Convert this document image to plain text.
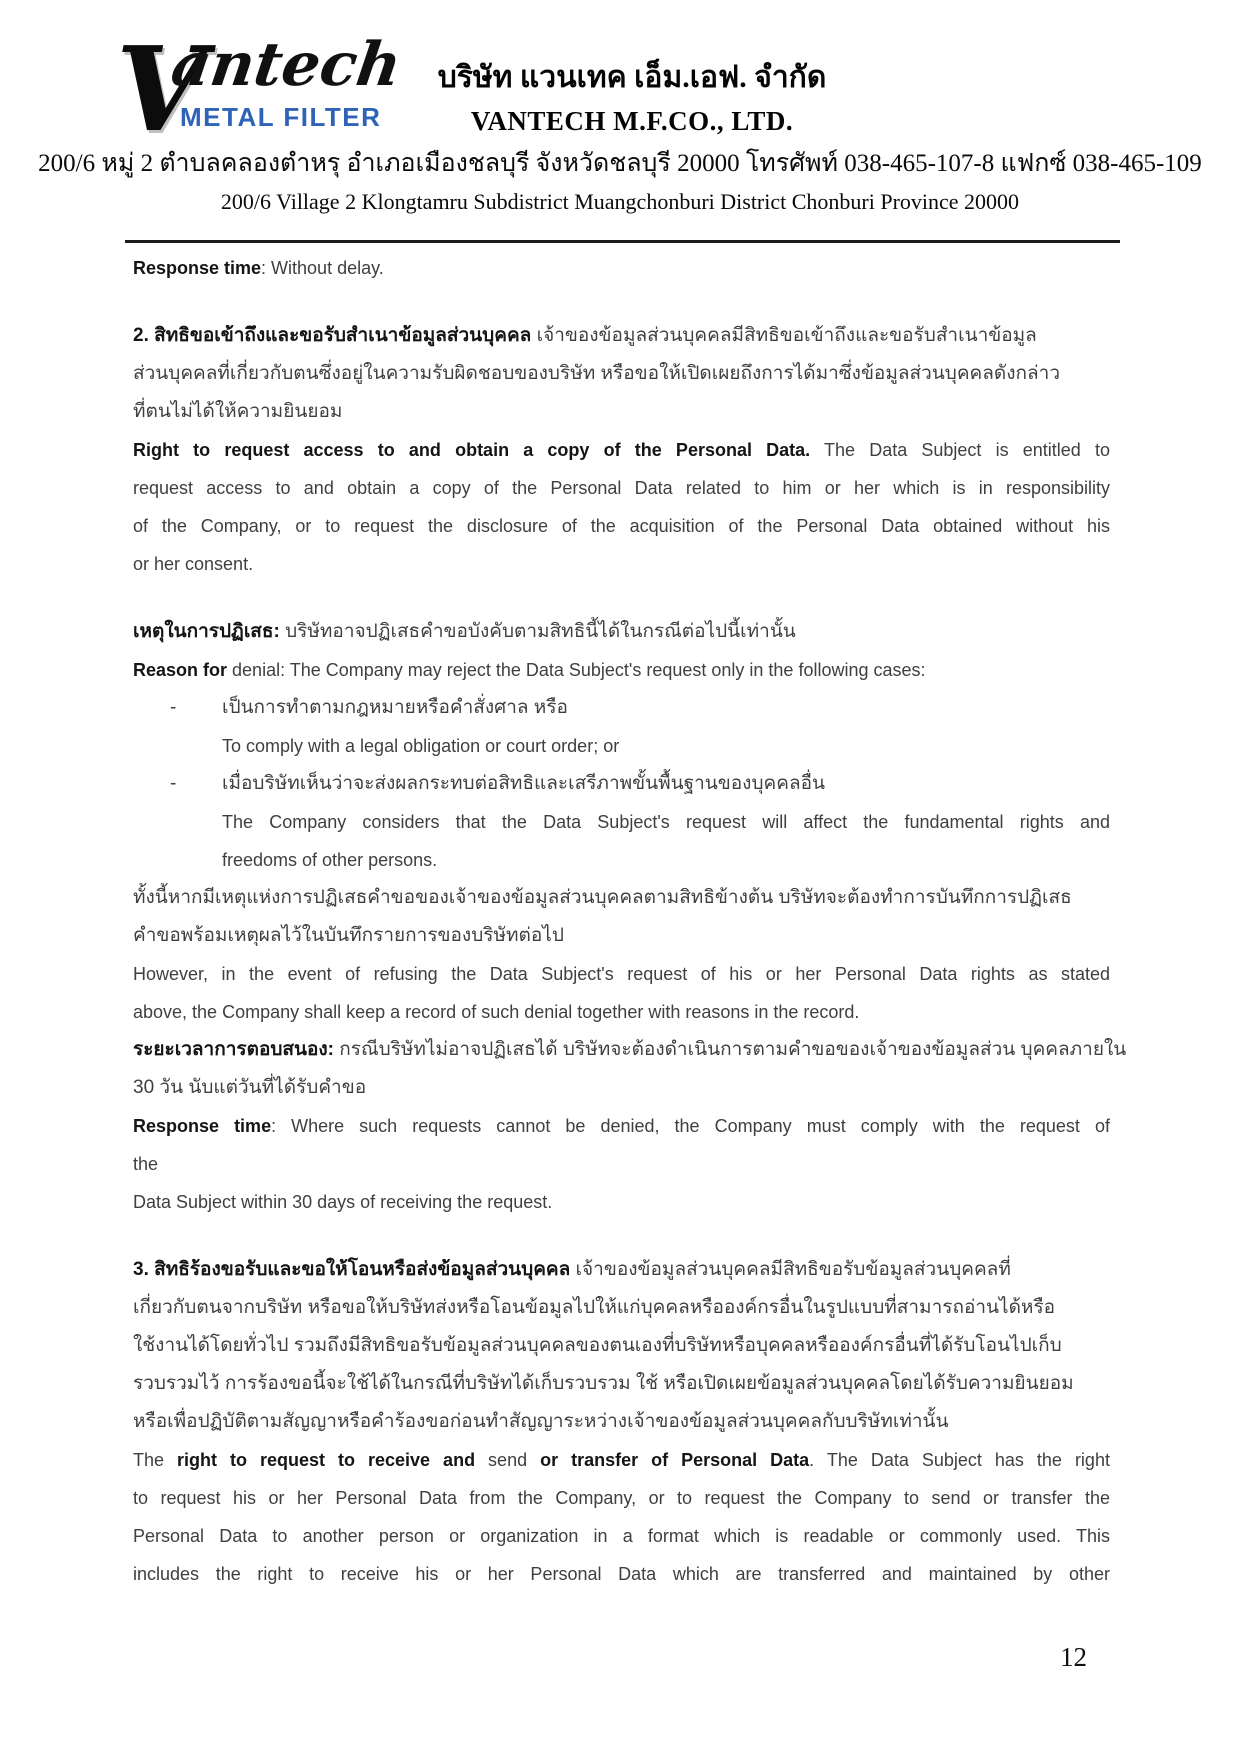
V
antech
METAL FILTER
บริษัท แวนเทค เอ็ม.เอฟ. จำกัด
VANTECH M.F.CO., LTD.
200/6 หมู่ 2 ตำบลคลองตำหรุ อำเภอเมืองชลบุรี จังหวัดชลบุรี 20000 โทรศัพท์ 038-465-107-8 แฟกซ์ 038-465-109
200/6 Village 2 Klongtamru Subdistrict Muangchonburi District Chonburi Province 20000
Response time: Without delay.
2. สิทธิขอเข้าถึงและขอรับสำเนาข้อมูลส่วนบุคคล เจ้าของข้อมูลส่วนบุคคลมีสิทธิขอเข้าถึงและขอรับสำเนาข้อมูล
ส่วนบุคคลที่เกี่ยวกับตนซึ่งอยู่ในความรับผิดชอบของบริษัท หรือขอให้เปิดเผยถึงการได้มาซึ่งข้อมูลส่วนบุคคลดังกล่าว
ที่ตนไม่ได้ให้ความยินยอม
Right to request access to and obtain a copy of the Personal Data. The Data Subject is entitled to
request access to and obtain a copy of the Personal Data related to him or her which is in responsibility
of the Company, or to request the disclosure of the acquisition of the Personal Data obtained without his
or her consent.
เหตุในการปฏิเสธ: บริษัทอาจปฏิเสธคำขอบังคับตามสิทธินี้ได้ในกรณีต่อไปนี้เท่านั้น
Reason for denial: The Company may reject the Data Subject's request only in the following cases:
- เป็นการทำตามกฎหมายหรือคำสั่งศาล หรือ
To comply with a legal obligation or court order; or
- เมื่อบริษัทเห็นว่าจะส่งผลกระทบต่อสิทธิและเสรีภาพขั้นพื้นฐานของบุคคลอื่น
The Company considers that the Data Subject's request will affect the fundamental rights and
freedoms of other persons.
ทั้งนี้หากมีเหตุแห่งการปฏิเสธคำขอของเจ้าของข้อมูลส่วนบุคคลตามสิทธิข้างต้น บริษัทจะต้องทำการบันทึกการปฏิเสธ
คำขอพร้อมเหตุผลไว้ในบันทึกรายการของบริษัทต่อไป
However, in the event of refusing the Data Subject's request of his or her Personal Data rights as stated
above, the Company shall keep a record of such denial together with reasons in the record.
ระยะเวลาการตอบสนอง: กรณีบริษัทไม่อาจปฏิเสธได้ บริษัทจะต้องดำเนินการตามคำขอของเจ้าของข้อมูลส่วน บุคคลภายใน
30 วัน นับแต่วันที่ได้รับคำขอ
Response time: Where such requests cannot be denied, the Company must comply with the request of
the
Data Subject within 30 days of receiving the request.
3. สิทธิร้องขอรับและขอให้โอนหรือส่งข้อมูลส่วนบุคคล เจ้าของข้อมูลส่วนบุคคลมีสิทธิขอรับข้อมูลส่วนบุคคลที่
เกี่ยวกับตนจากบริษัท หรือขอให้บริษัทส่งหรือโอนข้อมูลไปให้แก่บุคคลหรือองค์กรอื่นในรูปแบบที่สามารถอ่านได้หรือ
ใช้งานได้โดยทั่วไป รวมถึงมีสิทธิขอรับข้อมูลส่วนบุคคลของตนเองที่บริษัทหรือบุคคลหรือองค์กรอื่นที่ได้รับโอนไปเก็บ
รวบรวมไว้ การร้องขอนี้จะใช้ได้ในกรณีที่บริษัทได้เก็บรวบรวม ใช้ หรือเปิดเผยข้อมูลส่วนบุคคลโดยได้รับความยินยอม
หรือเพื่อปฏิบัติตามสัญญาหรือคำร้องขอก่อนทำสัญญาระหว่างเจ้าของข้อมูลส่วนบุคคลกับบริษัทเท่านั้น
The right to request to receive and send or transfer of Personal Data. The Data Subject has the right
to request his or her Personal Data from the Company, or to request the Company to send or transfer the
Personal Data to another person or organization in a format which is readable or commonly used. This
includes the right to receive his or her Personal Data which are transferred and maintained by other
12
